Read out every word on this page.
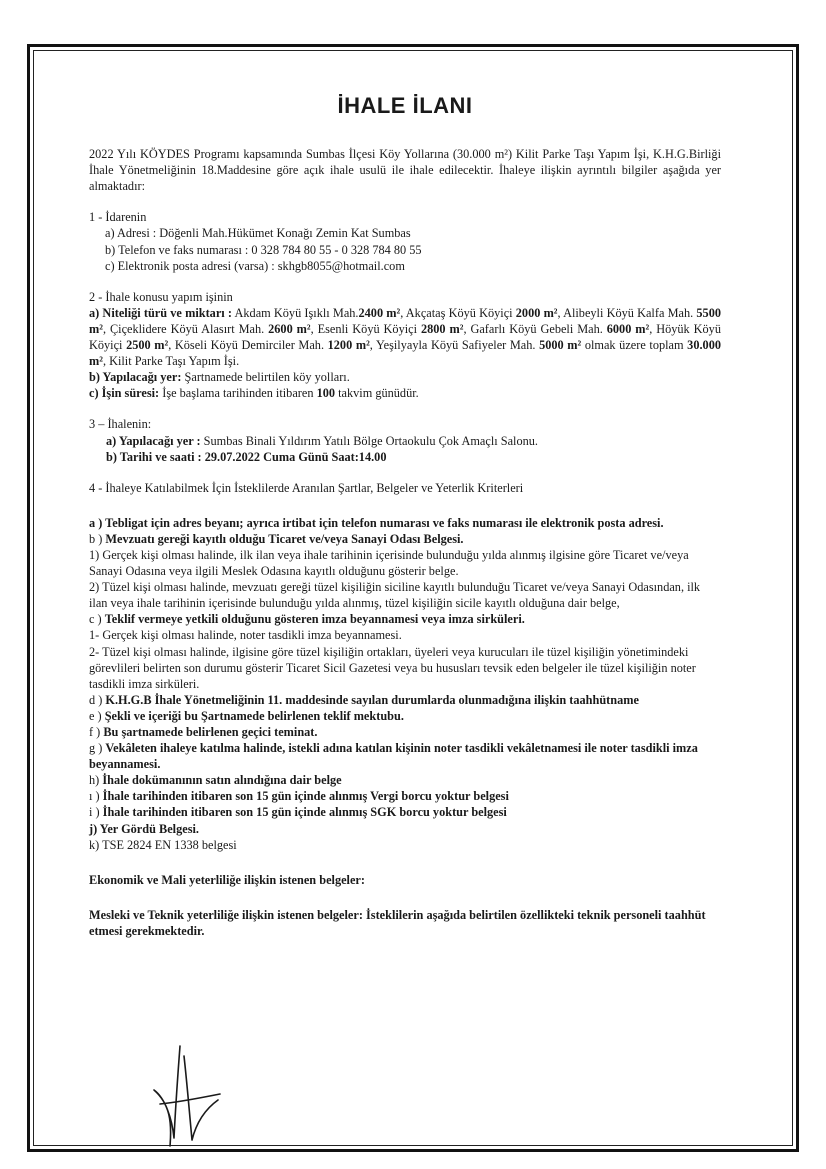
İHALE İLANI

2022 Yılı KÖYDES Programı kapsamında Sumbas İlçesi Köy Yollarına (30.000 m²) Kilit Parke Taşı Yapım İşi, K.H.G.Birliği İhale Yönetmeliğinin 18.Maddesine göre açık ihale usulü ile ihale edilecektir. İhaleye ilişkin ayrıntılı bilgiler aşağıda yer almaktadır:

1 - İdarenin

a) Adresi : Döğenli Mah.Hükümet Konağı Zemin Kat Sumbas

b) Telefon ve faks numarası : 0 328 784 80 55 - 0 328 784 80 55

c) Elektronik posta adresi (varsa) : skhgb8055@hotmail.com

2 - İhale konusu yapım işinin

a) Niteliği türü ve miktarı : Akdam Köyü Işıklı Mah.2400 m², Akçataş Köyü Köyiçi 2000 m², Alibeyli Köyü Kalfa Mah. 5500 m², Çiçeklidere Köyü Alasırt Mah. 2600 m², Esenli Köyü Köyiçi 2800 m², Gafarlı Köyü Gebeli Mah. 6000 m², Höyük Köyü Köyiçi 2500 m², Köseli Köyü Demirciler Mah. 1200 m², Yeşilyayla Köyü Safiyeler Mah. 5000 m² olmak üzere toplam 30.000 m², Kilit Parke Taşı Yapım İşi.

b) Yapılacağı yer: Şartnamede belirtilen köy yolları.

c) İşin süresi: İşe başlama tarihinden itibaren 100 takvim günüdür.

3 – İhalenin:

a) Yapılacağı yer : Sumbas Binali Yıldırım Yatılı Bölge Ortaokulu Çok Amaçlı Salonu.

b) Tarihi ve saati : 29.07.2022 Cuma Günü Saat:14.00

4 - İhaleye Katılabilmek İçin İsteklilerde Aranılan Şartlar, Belgeler ve Yeterlik Kriterleri

a ) Tebligat için adres beyanı; ayrıca irtibat için telefon numarası ve faks numarası ile elektronik posta adresi.

b ) Mevzuatı gereği kayıtlı olduğu Ticaret ve/veya Sanayi Odası Belgesi.

1) Gerçek kişi olması halinde, ilk ilan veya ihale tarihinin içerisinde bulunduğu yılda alınmış ilgisine göre Ticaret ve/veya Sanayi Odasına veya ilgili Meslek Odasına kayıtlı olduğunu gösterir belge.

2) Tüzel kişi olması halinde, mevzuatı gereği tüzel kişiliğin siciline kayıtlı bulunduğu Ticaret ve/veya Sanayi Odasından, ilk ilan veya ihale tarihinin içerisinde bulunduğu yılda alınmış, tüzel kişiliğin sicile kayıtlı olduğuna dair belge,

c ) Teklif vermeye yetkili olduğunu gösteren imza beyannamesi veya imza sirküleri.

1- Gerçek kişi olması halinde, noter tasdikli imza beyannamesi.

2- Tüzel kişi olması halinde, ilgisine göre tüzel kişiliğin ortakları, üyeleri veya kurucuları ile tüzel kişiliğin yönetimindeki görevlileri belirten son durumu gösterir Ticaret Sicil Gazetesi veya bu hususları tevsik eden belgeler ile tüzel kişiliğin noter tasdikli imza sirküleri.

d ) K.H.G.B İhale Yönetmeliğinin 11. maddesinde sayılan durumlarda olunmadığına ilişkin taahhütname

e ) Şekli ve içeriği bu Şartnamede belirlenen teklif mektubu.

f ) Bu şartnamede belirlenen geçici teminat.

g ) Vekâleten ihaleye katılma halinde, istekli adına katılan kişinin noter tasdikli vekâletnamesi ile noter tasdikli imza beyannamesi.

h) İhale dokümanının satın alındığına dair belge

ı ) İhale tarihinden itibaren son 15 gün içinde alınmış Vergi borcu yoktur belgesi

i ) İhale tarihinden itibaren son 15 gün içinde alınmış SGK borcu yoktur belgesi

j) Yer Gördü Belgesi.

k) TSE 2824 EN 1338 belgesi

Ekonomik ve Mali yeterliliğe ilişkin istenen belgeler:

Mesleki ve Teknik yeterliliğe ilişkin istenen belgeler: İsteklilerin aşağıda belirtilen özellikteki teknik personeli taahhüt etmesi gerekmektedir.
